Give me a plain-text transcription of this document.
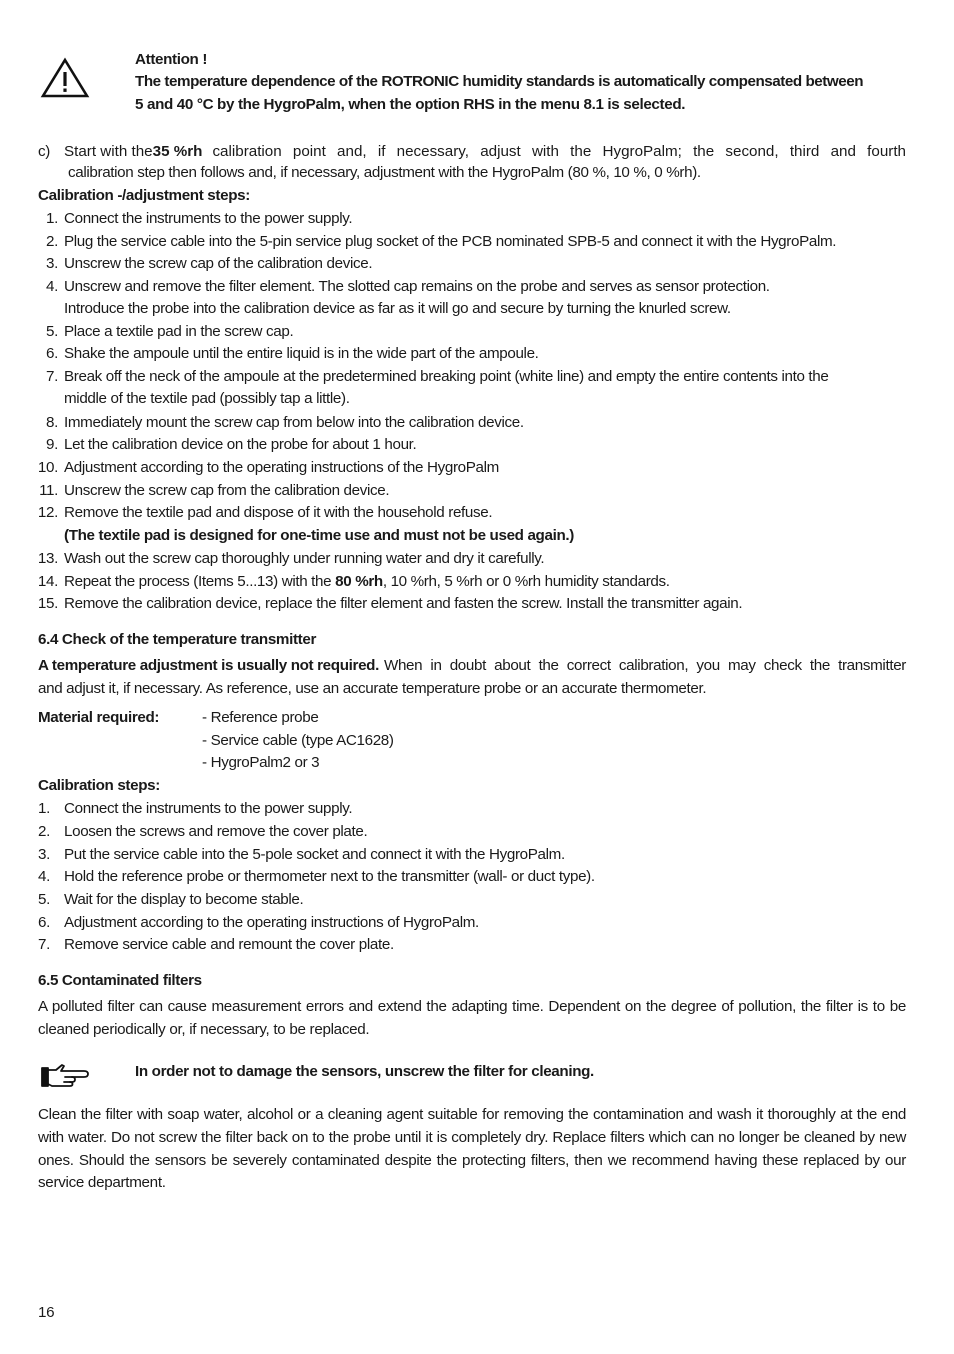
Attention !
The temperature dependence of the ROTRONIC humidity standards is automatically compensated between
5 and 40 °C by the HygroPalm, when the option RHS in the menu 8.1 is selected.
c) Start with the 35 %rh calibration point and, if necessary, adjust with the HygroPalm; the second, third and fourth
calibration step then follows and, if necessary, adjustment with the HygroPalm (80 %, 10 %, 0 %rh).
Calibration -/adjustment steps:
1. Connect the instruments to the power supply.
2. Plug the service cable into the 5-pin service plug socket of the PCB nominated SPB-5 and connect it with the HygroPalm.
3. Unscrew the screw cap of the calibration device.
4. Unscrew and remove the filter element. The slotted cap remains on the probe and serves as sensor protection.
Introduce the probe into the calibration device as far as it will go and secure by turning the knurled screw.
5. Place a textile pad in the screw cap.
6. Shake the ampoule until the entire liquid is in the wide part of the ampoule.
7. Break off the neck of the ampoule at the predetermined breaking point (white line) and empty the entire contents into the
middle of the textile pad (possibly tap a little).
8. Immediately mount the screw cap from below into the calibration device.
9. Let the calibration device on the probe for about 1 hour.
10. Adjustment according to the operating instructions of the HygroPalm
11. Unscrew the screw cap from the calibration device.
12. Remove the textile pad and dispose of it with the household refuse.
(The textile pad is designed for one-time use and must not be used again.)
13. Wash out the screw cap thoroughly under running water and dry it carefully.
14. Repeat the process (Items 5...13) with the 80 %rh, 10 %rh, 5 %rh or 0 %rh humidity standards.
15. Remove the calibration device, replace the filter element and fasten the screw. Install the transmitter again.
6.4 Check of the temperature transmitter
A temperature adjustment is usually not required. When in doubt about the correct calibration, you may check the transmitter
and adjust it, if necessary. As reference, use an accurate temperature probe or an accurate thermometer.
Material required:	- Reference probe
- Service cable (type AC1628)
- HygroPalm2 or 3
Calibration steps:
1. Connect the instruments to the power supply.
2. Loosen the screws and remove the cover plate.
3. Put the service cable into the 5-pole socket and connect it with the HygroPalm.
4. Hold the reference probe or thermometer next to the transmitter (wall- or duct type).
5. Wait for the display to become stable.
6. Adjustment according to the operating instructions of HygroPalm.
7. Remove service cable and remount the cover plate.
6.5 Contaminated filters
A polluted filter can cause measurement errors and extend the adapting time. Dependent on the degree of pollution, the filter is to be cleaned periodically or, if necessary, to be replaced.
In order not to damage the sensors, unscrew the filter for cleaning.
Clean the filter with soap water, alcohol or a cleaning agent suitable for removing the contamination and wash it thoroughly at the end with water. Do not screw the filter back on to the probe until it is completely dry. Replace filters which can no longer be cleaned by new ones. Should the sensors be severely contaminated despite the protecting filters, then we recommend having these replaced by our service department.
16
